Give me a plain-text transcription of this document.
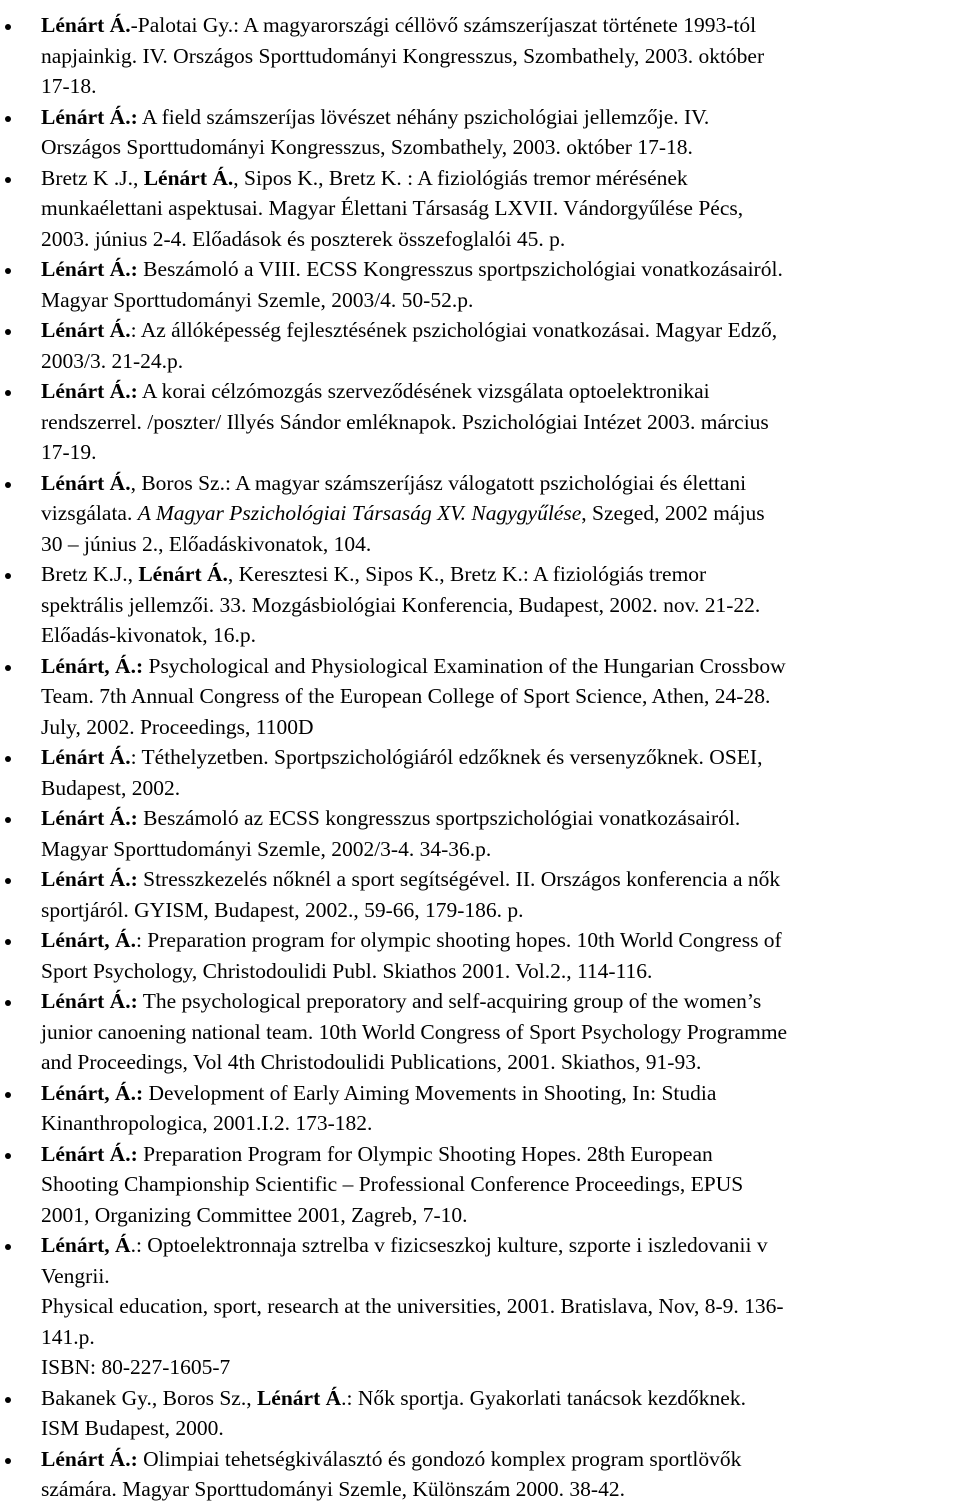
Lénárt Á.-Palotai Gy.: A magyarországi céllövő számszeríjaszat története 1993-tól
napjainkig. IV. Országos Sporttudományi Kongresszus, Szombathely, 2003. október
17-18.
Lénárt Á.: A field számszeríjas lövészet néhány pszichológiai jellemzője. IV.
Országos Sporttudományi Kongresszus, Szombathely, 2003. október 17-18.
Bretz K .J., Lénárt Á., Sipos K., Bretz K. : A fiziológiás tremor mérésének
munkaélettani aspektusai. Magyar Élettani Társaság LXVII. Vándorgyűlése Pécs,
2003. június 2-4. Előadások és poszterek összefoglalói 45. p.
Lénárt Á.: Beszámoló a VIII. ECSS Kongresszus sportpszichológiai vonatkozásairól.
Magyar Sporttudományi Szemle, 2003/4. 50-52.p.
Lénárt Á.: Az állóképesség fejlesztésének pszichológiai vonatkozásai. Magyar Edző,
2003/3. 21-24.p.
Lénárt Á.: A korai célzómozgás szerveződésének vizsgálata optoelektronikai
rendszerrel. /poszter/ Illyés Sándor emléknapok. Pszichológiai Intézet 2003. március
17-19.
Lénárt Á., Boros Sz.: A magyar számszeríjász válogatott pszichológiai és élettani
vizsgálata. A Magyar Pszichológiai Társaság XV. Nagygyűlése, Szeged, 2002 május
30 – június 2., Előadáskivonatok, 104.
Bretz K.J., Lénárt Á., Keresztesi K., Sipos K., Bretz K.: A fiziológiás tremor
spektrális jellemzői. 33. Mozgásbiológiai Konferencia, Budapest, 2002. nov. 21-22.
Előadás-kivonatok, 16.p.
Lénárt, Á.: Psychological and Physiological Examination of the Hungarian Crossbow
Team. 7th Annual Congress of the European College of Sport Science, Athen, 24-28.
July, 2002. Proceedings, 1100D
Lénárt Á.: Téthelyzetben. Sportpszichológiáról edzőknek és versenyzőknek. OSEI,
Budapest, 2002.
Lénárt Á.: Beszámoló az ECSS kongresszus sportpszichológiai vonatkozásairól.
Magyar Sporttudományi Szemle, 2002/3-4. 34-36.p.
Lénárt Á.: Stresszkezelés nőknél a sport segítségével. II. Országos konferencia a nők
sportjáról. GYISM, Budapest, 2002., 59-66, 179-186. p.
Lénárt, Á.: Preparation program for olympic shooting hopes. 10th World Congress of
Sport Psychology, Christodoulidi Publ. Skiathos 2001. Vol.2., 114-116.
Lénárt Á.: The psychological preporatory and self-acquiring group of the women’s
junior canoening national team. 10th World Congress of Sport Psychology Programme
and Proceedings, Vol 4th Christodoulidi Publications, 2001. Skiathos, 91-93.
Lénárt, Á.: Development of Early Aiming Movements in Shooting, In: Studia
Kinanthropologica, 2001.I.2. 173-182.
Lénárt Á.: Preparation Program for Olympic Shooting Hopes. 28th European
Shooting Championship Scientific – Professional Conference Proceedings, EPUS
2001, Organizing Committee 2001, Zagreb, 7-10.
Lénárt, Á.: Optoelektronnaja sztrelba v fizicseszkoj kulture, szporte i iszledovanii v
Vengrii.
Physical education, sport, research at the universities, 2001. Bratislava, Nov, 8-9. 136-
141.p.
ISBN: 80-227-1605-7
Bakanek Gy., Boros Sz., Lénárt Á.: Nők sportja. Gyakorlati tanácsok kezdőknek.
ISM Budapest, 2000.
Lénárt Á.: Olimpiai tehetségkiválasztó és gondozó komplex program sportlövők
számára. Magyar Sporttudományi Szemle, Különszám 2000. 38-42.
